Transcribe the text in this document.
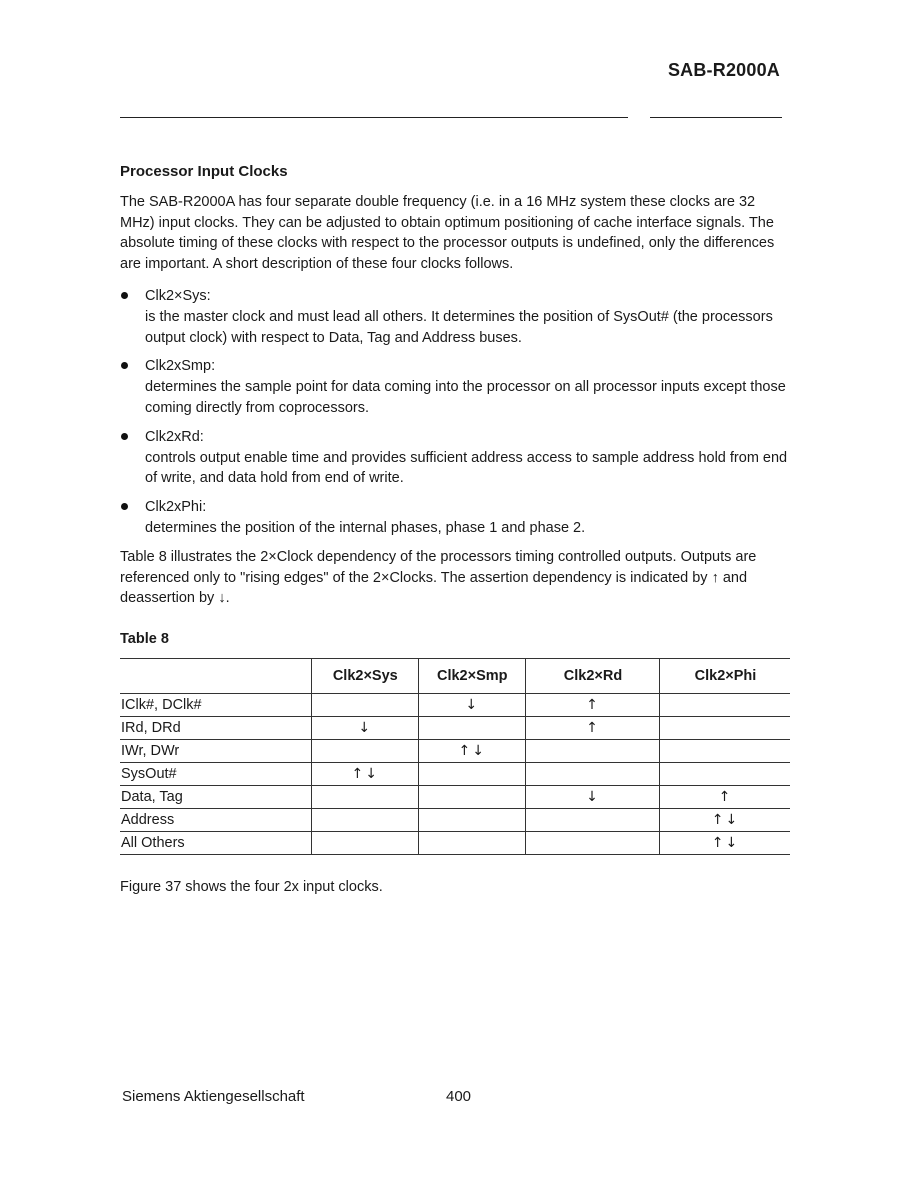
SAB-R2000A
Processor Input Clocks

The SAB-R2000A has four separate double frequency (i.e. in a 16 MHz system these clocks are 32 MHz) input clocks. They can be adjusted to obtain optimum positioning of cache interface signals. The absolute timing of these clocks with respect to the processor outputs is undefined, only the differences are important. A short description of these four clocks follows.

Clk2×Sys:
is the master clock and must lead all others. It determines the position of SysOut# (the processors output clock) with respect to Data, Tag and Address buses.
Clk2xSmp:
determines the sample point for data coming into the processor on all processor inputs except those coming directly from coprocessors.
Clk2xRd:
controls output enable time and provides sufficient address access to sample address hold from end of write, and data hold from end of write.
Clk2xPhi:
determines the position of the internal phases, phase 1 and phase 2.

Table 8 illustrates the 2×Clock dependency of the processors timing controlled outputs. Outputs are referenced only to "rising edges" of the 2×Clocks. The assertion dependency is indicated by ↑ and deassertion by ↓.

Table 8
	Clk2×Sys	Clk2×Smp	Clk2×Rd	Clk2×Phi
IClk#, DClk#		↓	↑	
IRd, DRd	↓		↑	
IWr, DWr		↑↓		
SysOut#	↑↓			
Data, Tag			↓	↑
Address				↑↓
All Others				↑↓

Figure 37 shows the four 2x input clocks.

Siemens Aktiengesellschaft	400
